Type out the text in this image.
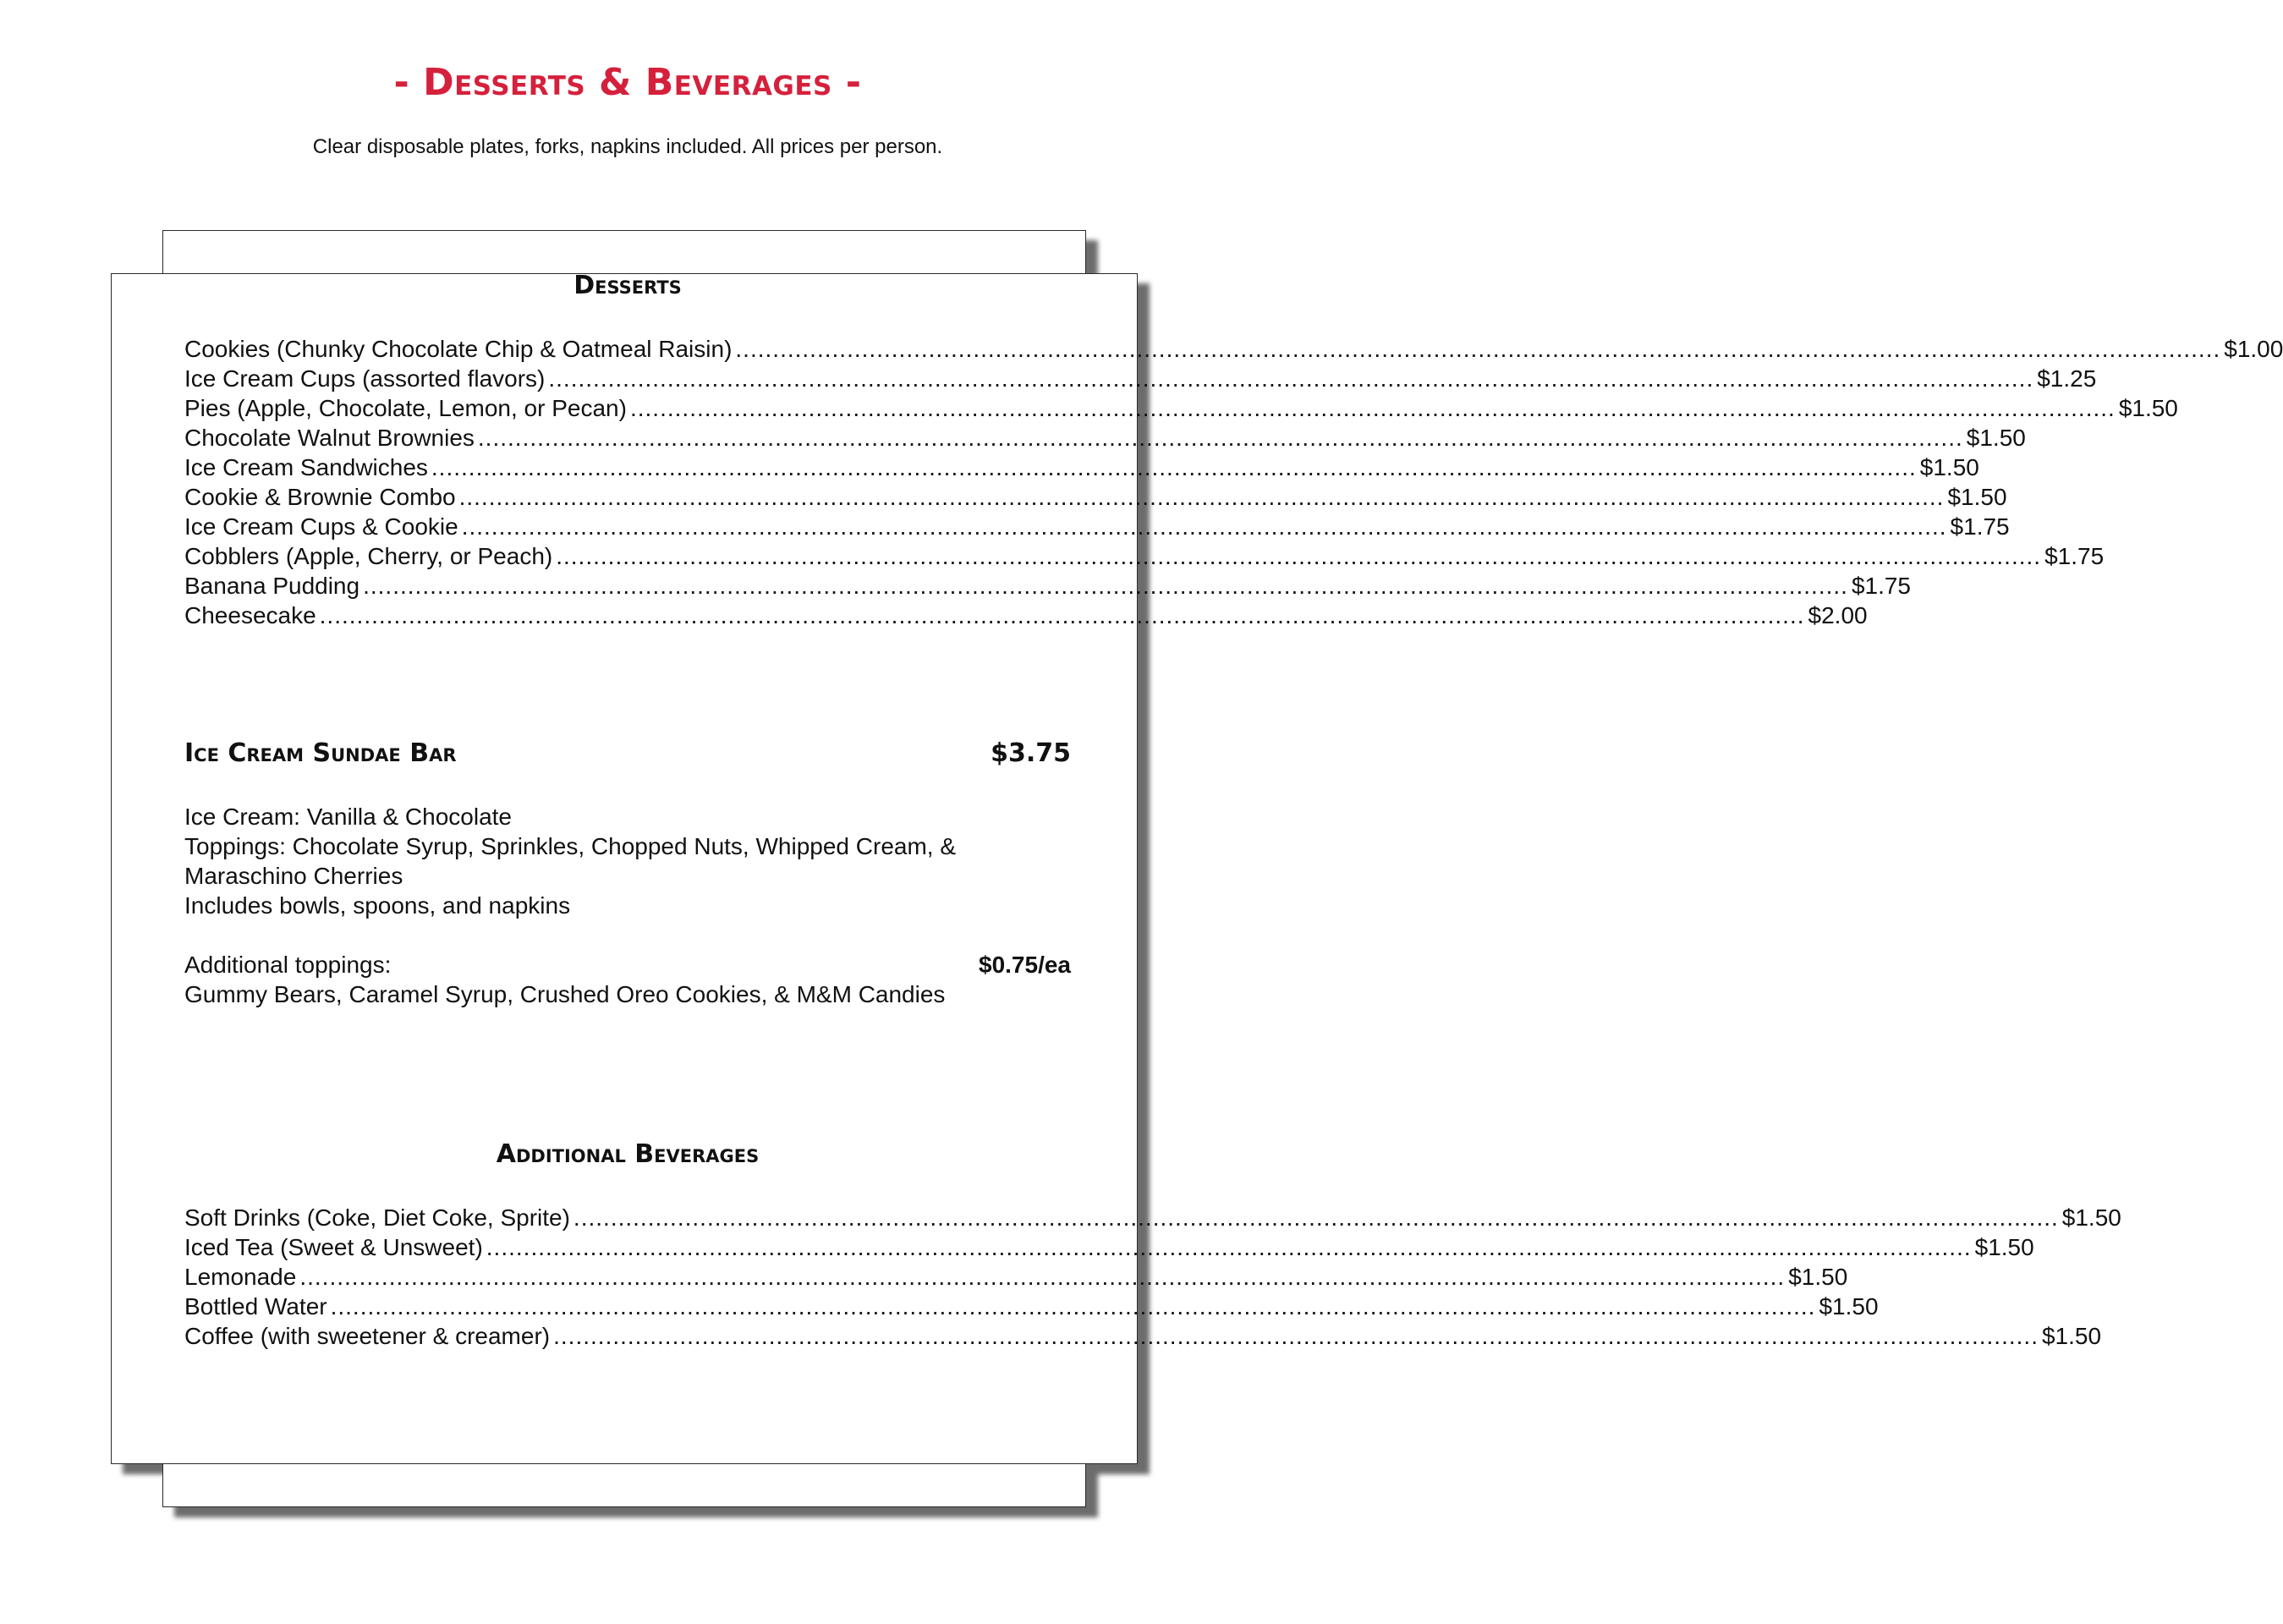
- Desserts & Beverages -
Clear disposable plates, forks, napkins included. All prices per person.
Desserts
Cookies (Chunky Chocolate Chip & Oatmeal Raisin) ........................................................................................................................................................................................................ $1.00
Ice Cream Cups (assorted flavors) ........................................................................................................................................................................................................ $1.25
Pies (Apple, Chocolate, Lemon, or Pecan) ........................................................................................................................................................................................................ $1.50
Chocolate Walnut Brownies ........................................................................................................................................................................................................ $1.50
Ice Cream Sandwiches ........................................................................................................................................................................................................ $1.50
Cookie & Brownie Combo ........................................................................................................................................................................................................ $1.50
Ice Cream Cups & Cookie ........................................................................................................................................................................................................ $1.75
Cobblers (Apple, Cherry, or Peach) ........................................................................................................................................................................................................ $1.75
Banana Pudding ........................................................................................................................................................................................................ $1.75
Cheesecake ........................................................................................................................................................................................................ $2.00
Ice Cream Sundae Bar	$3.75
Ice Cream: Vanilla & Chocolate
Toppings: Chocolate Syrup, Sprinkles, Chopped Nuts, Whipped Cream, &
Maraschino Cherries
Includes bowls, spoons, and napkins
Additional toppings:	$0.75/ea
Gummy Bears, Caramel Syrup, Crushed Oreo Cookies, & M&M Candies
Additional Beverages
Soft Drinks (Coke, Diet Coke, Sprite) ........................................................................................................................................................................................................ $1.50
Iced Tea (Sweet & Unsweet) ........................................................................................................................................................................................................ $1.50
Lemonade ........................................................................................................................................................................................................ $1.50
Bottled Water ........................................................................................................................................................................................................ $1.50
Coffee (with sweetener & creamer) ........................................................................................................................................................................................................ $1.50
